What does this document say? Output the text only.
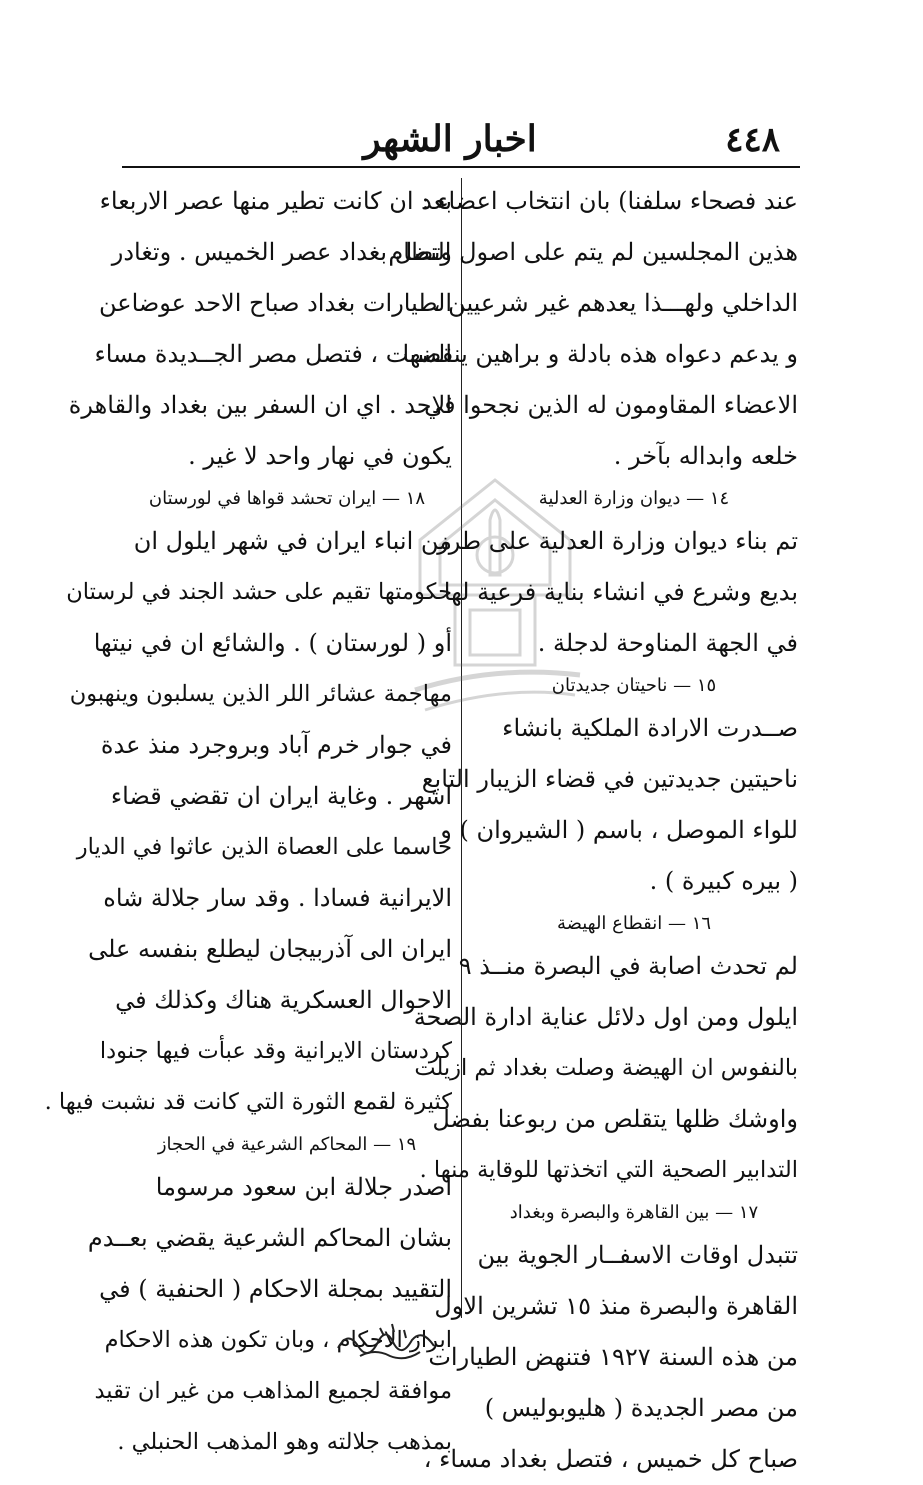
٤٤٨
اخبار الشهر
عند فصحاء سلفنا) بان انتخاب اعضاء :
هذين المجلسين لم يتم على اصول النظام
الداخلي ولهـــذا يعدهم غير شرعيين ،
و يدعم دعواه هذه بادلة و براهين ينقضها
الاعضاء المقاومون له الذين نجحوا في
خلعه وابداله بآخر .
١٤ — ديوان وزارة العدلية
تم بناء ديوان وزارة العدلية على طرز
بديع وشرع في انشاء بناية فرعية لها
في الجهة المناوحة لدجلة .
١٥ — ناحيتان جديدتان
صــدرت الارادة الملكية بانشاء
ناحيتين جديدتين في قضاء الزيبار التابع
للواء الموصل ، باسم ( الشيروان ) و
( بيره كبيرة ) .
١٦ — انقطاع الهيضة
لم تحدث اصابة في البصرة منــذ ٩
ايلول ومن اول دلائل عناية ادارة الصحة
بالنفوس ان الهيضة وصلت بغداد ثم ازيلت
واوشك ظلها يتقلص من ربوعنا بفضل
التدابير الصحية التي اتخذتها للوقاية منها .
١٧ — بين القاهرة والبصرة وبغداد
تتبدل اوقات الاسفــار الجوية بين
القاهرة والبصرة منذ ١٥ تشرين الاول
من هذه السنة ١٩٢٧ فتنهض الطيارات
من مصر الجديدة ( هليوبوليس )
صباح كل خميس ، فتصل بغداد مساء ،
بعد ان كانت تطير منها عصر الاربعاء
وتصل بغداد عصر الخميس . وتغادر
الطيارات بغداد صباح الاحد عوضاعن
السبت ، فتصل مصر الجــديدة مساء
الاحد . اي ان السفر بين بغداد والقاهرة
يكون في نهار واحد لا غير .
١٨ — ايران تحشد قواها في لورستان
من انباء ايران في شهر ايلول ان
حكومتها تقيم على حشد الجند في لرستان
أو ( لورستان ) . والشائع ان في نيتها
مهاجمة عشائر اللر الذين يسلبون وينهبون
في جوار خرم آباد وبروجرد منذ عدة
اشهر . وغاية ايران ان تقضي قضاء
حاسما على العصاة الذين عاثوا في الديار
الايرانية فسادا . وقد سار جلالة شاه
ايران الى آذربيجان ليطلع بنفسه على
الاحوال العسكرية هناك وكذلك في
كردستان الايرانية وقد عبأت فيها جنودا
كثيرة لقمع الثورة التي كانت قد نشبت فيها .
١٩ — المحاكم الشرعية في الحجاز
اصدر جلالة ابن سعود مرسوما
بشان المحاكم الشرعية يقضي بعــدم
التقييد بمجلة الاحكام ( الحنفية ) في
ابراز الاحكام ، وبان تكون هذه الاحكام
موافقة لجميع المذاهب من غير ان تقيد
بمذهب جلالته وهو المذهب الحنبلي .
